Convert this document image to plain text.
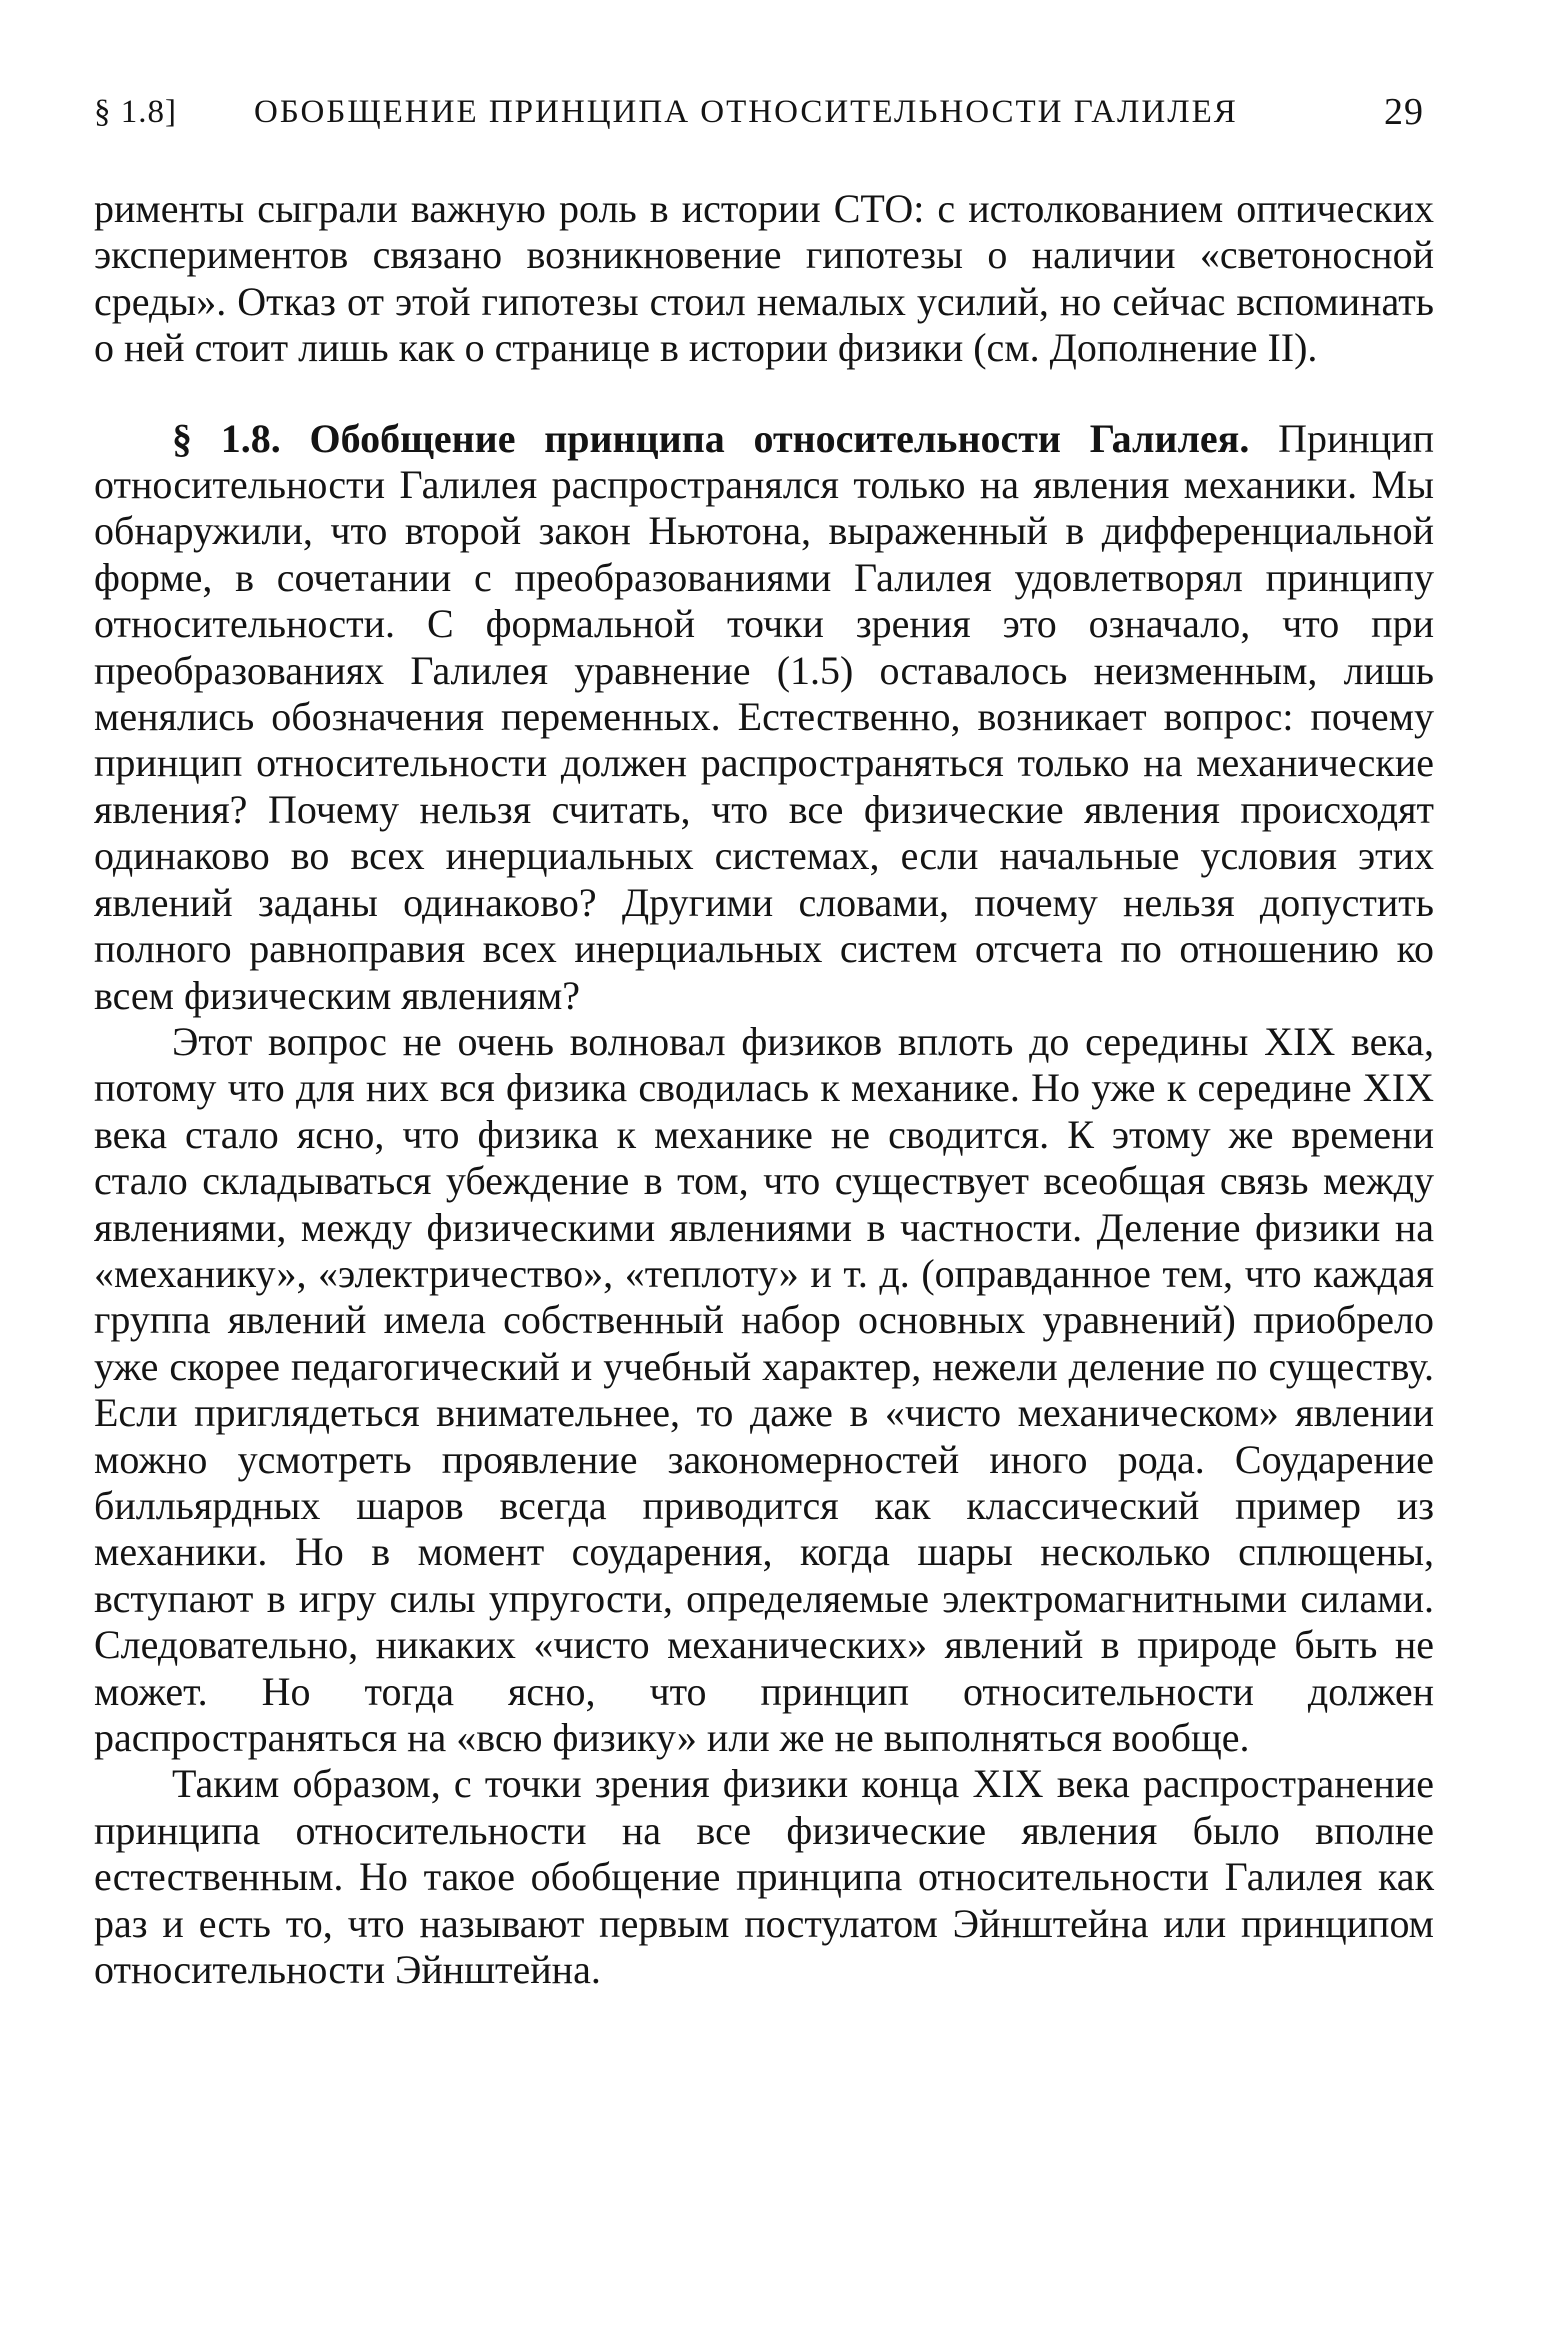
§ 1.8] ОБОБЩЕНИЕ ПРИНЦИПА ОТНОСИТЕЛЬНОСТИ ГАЛИЛЕЯ	29

рименты сыграли важную роль в истории СТО: с истолкованием оптических экспериментов связано возникновение гипотезы о наличии «светоносной среды». Отказ от этой гипотезы стоил немалых усилий, но сейчас вспоминать о ней стоит лишь как о странице в истории физики (см. Дополнение II).

§ 1.8. Обобщение принципа относительности Галилея. Принцип относительности Галилея распространялся только на явления механики. Мы обнаружили, что второй закон Ньютона, выраженный в дифференциальной форме, в сочетании с преобразованиями Галилея удовлетворял принципу относительности. С формальной точки зрения это означало, что при преобразованиях Галилея уравнение (1.5) оставалось неизменным, лишь менялись обозначения переменных. Естественно, возникает вопрос: почему принцип относительности должен распространяться только на механические явления? Почему нельзя считать, что все физические явления происходят одинаково во всех инерциальных системах, если начальные условия этих явлений заданы одинаково? Другими словами, почему нельзя допустить полного равноправия всех инерциальных систем отсчета по отношению ко всем физическим явлениям?

Этот вопрос не очень волновал физиков вплоть до середины XIX века, потому что для них вся физика сводилась к механике. Но уже к середине XIX века стало ясно, что физика к механике не сводится. К этому же времени стало складываться убеждение в том, что существует всеобщая связь между явлениями, между физическими явлениями в частности. Деление физики на «механику», «электричество», «теплоту» и т. д. (оправданное тем, что каждая группа явлений имела собственный набор основных уравнений) приобрело уже скорее педагогический и учебный характер, нежели деление по существу. Если приглядеться внимательнее, то даже в «чисто механическом» явлении можно усмотреть проявление закономерностей иного рода. Соударение билльярдных шаров всегда приводится как классический пример из механики. Но в момент соударения, когда шары несколько сплющены, вступают в игру силы упругости, определяемые электромагнитными силами. Следовательно, никаких «чисто механических» явлений в природе быть не может. Но тогда ясно, что принцип относительности должен распространяться на «всю физику» или же не выполняться вообще.

Таким образом, с точки зрения физики конца XIX века распространение принципа относительности на все физические явления было вполне естественным. Но такое обобщение принципа относительности Галилея как раз и есть то, что называют первым постулатом Эйнштейна или принципом относительности Эйнштейна.
